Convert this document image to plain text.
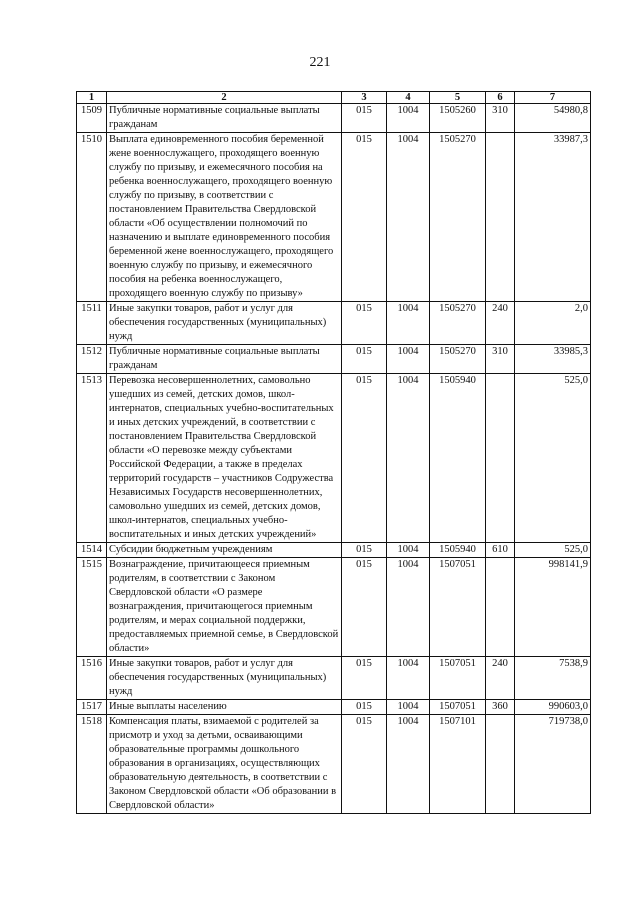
221
1	2	3	4	5	6	7
1509	Публичные нормативные социальные выплаты гражданам	015	1004	1505260	310	54980,8
1510	Выплата единовременного пособия беременной жене военнослужащего, проходящего военную службу по призыву, и ежемесячного пособия на ребенка военнослужащего, проходящего военную службу по призыву, в соответствии с постановлением Правительства Свердловской области «Об осуществлении полномочий по назначению и выплате единовременного пособия беременной жене военнослужащего, проходящего военную службу по призыву, и ежемесячного пособия на ребенка военнослужащего, проходящего военную службу по призыву»	015	1004	1505270		33987,3
1511	Иные закупки товаров, работ и услуг для обеспечения государственных (муниципальных) нужд	015	1004	1505270	240	2,0
1512	Публичные нормативные социальные выплаты гражданам	015	1004	1505270	310	33985,3
1513	Перевозка несовершеннолетних, самовольно ушедших из семей, детских домов, школ-интернатов, специальных учебно-воспитательных и иных детских учреждений, в соответствии с постановлением Правительства Свердловской области «О перевозке между субъектами Российской Федерации, а также в пределах территорий государств – участников Содружества Независимых Государств несовершеннолетних, самовольно ушедших из семей, детских домов, школ-интернатов, специальных учебно-воспитательных и иных детских учреждений»	015	1004	1505940		525,0
1514	Субсидии бюджетным учреждениям	015	1004	1505940	610	525,0
1515	Вознаграждение, причитающееся приемным родителям, в соответствии с Законом Свердловской области «О размере вознаграждения, причитающегося приемным родителям, и мерах социальной поддержки, предоставляемых приемной семье, в Свердловской области»	015	1004	1507051		998141,9
1516	Иные закупки товаров, работ и услуг для обеспечения государственных (муниципальных) нужд	015	1004	1507051	240	7538,9
1517	Иные выплаты населению	015	1004	1507051	360	990603,0
1518	Компенсация платы, взимаемой с родителей за присмотр и уход за детьми, осваивающими образовательные программы дошкольного образования в организациях, осуществляющих образовательную деятельность, в соответствии с Законом Свердловской области «Об образовании в Свердловской области»	015	1004	1507101		719738,0
